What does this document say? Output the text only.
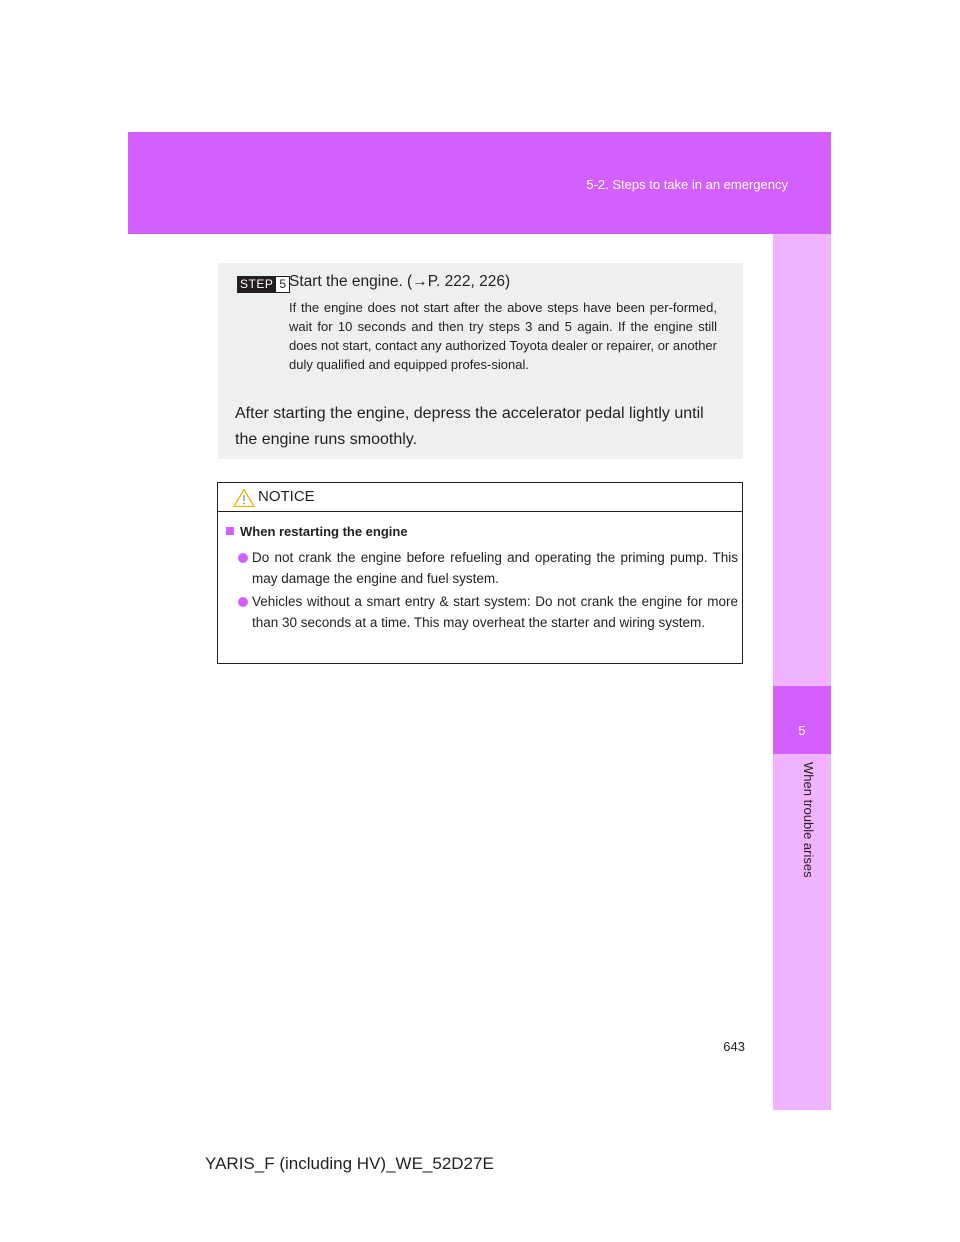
5-2. Steps to take in an emergency
5
When trouble arises
STEP 5 Start the engine. (→P. 222, 226)

If the engine does not start after the above steps have been per-formed, wait for 10 seconds and then try steps 3 and 5 again. If the engine still does not start, contact any authorized Toyota dealer or repairer, or another duly qualified and equipped profes-sional.

After starting the engine, depress the accelerator pedal lightly until the engine runs smoothly.

NOTICE
When restarting the engine

Do not crank the engine before refueling and operating the priming pump. This may damage the engine and fuel system.

Vehicles without a smart entry & start system: Do not crank the engine for more than 30 seconds at a time. This may overheat the starter and wiring system.

643
YARIS_F (including HV)_WE_52D27E
